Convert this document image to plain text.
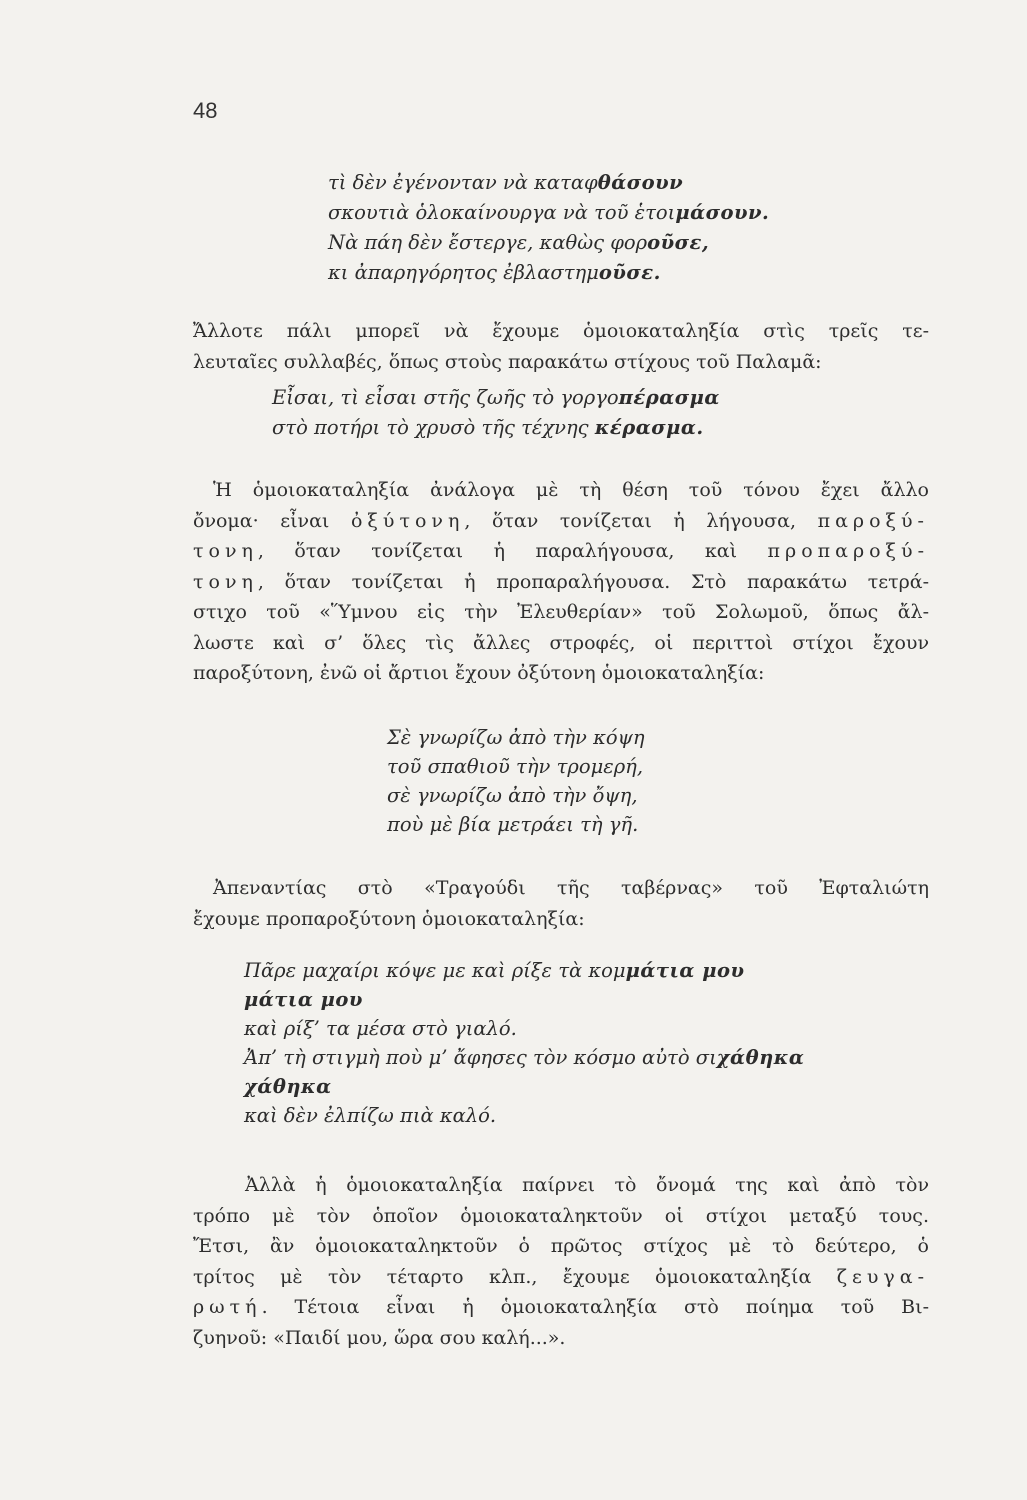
48
τὶ δὲν ἐγένονταν νὰ καταφθάσουν
σκουτιὰ ὁλοκαίνουργα νὰ τοῦ ἑτοιμάσουν.
Νὰ πάη δὲν ἔστεργε, καθὼς φοροῦσε,
κι ἀπαρηγόρητος ἐβλαστημοῦσε.
Ἄλλοτε πάλι μπορεῖ νὰ ἔχουμε ὁμοιοκαταληξία στὶς τρεῖς τε-
λευταῖες συλλαβές, ὅπως στοὺς παρακάτω στίχους τοῦ Παλαμᾶ:
Εἶσαι, τὶ εἶσαι στῆς ζωῆς τὸ γοργοπέρασμα
στὸ ποτήρι τὸ χρυσὸ τῆς τέχνης κέρασμα.
Ἡ ὁμοιοκαταληξία ἀνάλογα μὲ τὴ θέση τοῦ τόνου ἔχει ἄλλο
ὄνομα· εἶναι ὀξύτονη, ὅταν τονίζεται ἡ λήγουσα, παροξύ-
τονη, ὅταν τονίζεται ἡ παραλήγουσα, καὶ προπαροξύ-
τονη, ὅταν τονίζεται ἡ προπαραλήγουσα. Στὸ παρακάτω τετρά-
στιχο τοῦ «Ὕμνου εἰς τὴν Ἐλευθερίαν» τοῦ Σολωμοῦ, ὅπως ἄλ-
λωστε καὶ σ’ ὅλες τὶς ἄλλες στροφές, οἱ περιττοὶ στίχοι ἔχουν
παροξύτονη, ἐνῶ οἱ ἄρτιοι ἔχουν ὀξύτονη ὁμοιοκαταληξία:
Σὲ γνωρίζω ἀπὸ τὴν κόψη
τοῦ σπαθιοῦ τὴν τρομερή,
σὲ γνωρίζω ἀπὸ τὴν ὄψη,
ποὺ μὲ βία μετράει τὴ γῆ.
Ἀπεναντίας στὸ «Τραγούδι τῆς ταβέρνας» τοῦ Ἐφταλιώτη
ἔχουμε προπαροξύτονη ὁμοιοκαταληξία:
Πᾶρε μαχαίρι κόψε με καὶ ρίξε τὰ κομμάτια μου
μάτια μου
καὶ ρίξ’ τα μέσα στὸ γιαλό.
Ἀπ’ τὴ στιγμὴ ποὺ μ’ ἄφησες τὸν κόσμο αὐτὸ σιχάθηκα
χάθηκα
καὶ δὲν ἐλπίζω πιὰ καλό.
Ἀλλὰ ἡ ὁμοιοκαταληξία παίρνει τὸ ὄνομά της καὶ ἀπὸ τὸν
τρόπο μὲ τὸν ὁποῖον ὁμοιοκαταληκτοῦν οἱ στίχοι μεταξύ τους.
Ἔτσι, ἂν ὁμοιοκαταληκτοῦν ὁ πρῶτος στίχος μὲ τὸ δεύτερο, ὁ
τρίτος μὲ τὸν τέταρτο κλπ., ἔχουμε ὁμοιοκαταληξία ζευγα-
ρωτή. Τέτοια εἶναι ἡ ὁμοιοκαταληξία στὸ ποίημα τοῦ Βι-
ζυηνοῦ: «Παιδί μου, ὥρα σου καλή...».
